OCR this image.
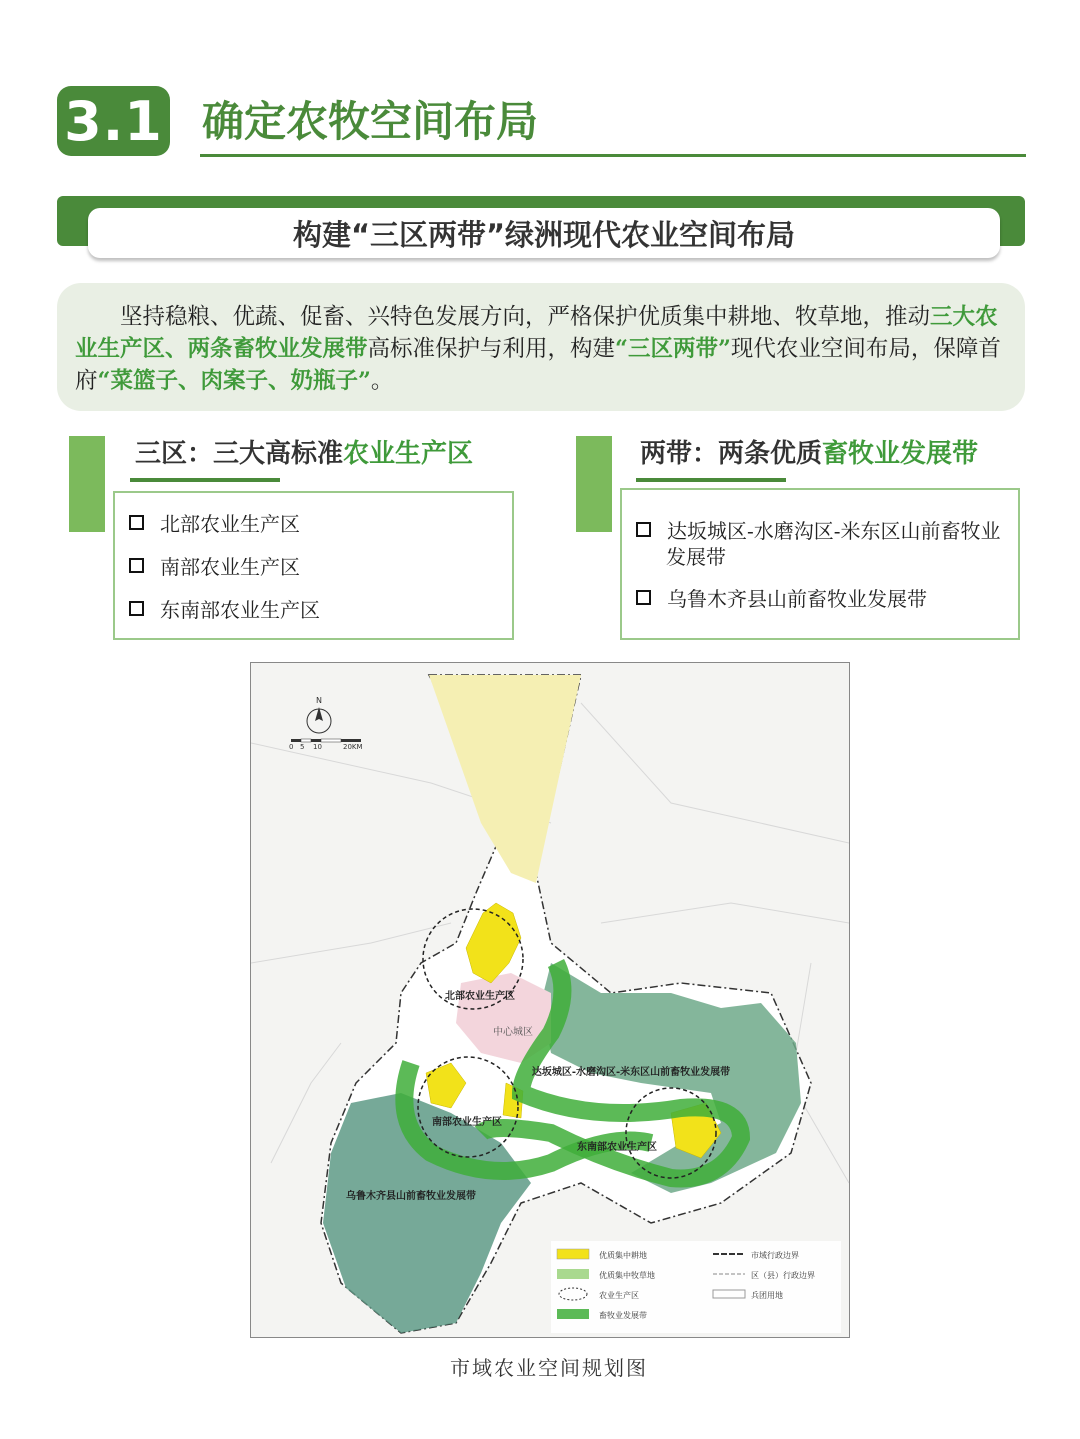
3.1 确定农牧空间布局
构建“三区两带”绿洲现代农业空间布局
坚持稳粮、优蔬、促畜、兴特色发展方向，严格保护优质集中耕地、牧草地，推动三大农业生产区、两条畜牧业发展带高标准保护与利用，构建“三区两带”现代农业空间布局，保障首府“菜篮子、肉案子、奶瓶子”。
三区：三大高标准农业生产区
北部农业生产区
南部农业生产区
东南部农业生产区
两带：两条优质畜牧业发展带
达坂城区-水磨沟区-米东区山前畜牧业发展带
乌鲁木齐县山前畜牧业发展带
北部农业生产区
中心城区
南部农业生产区
东南部农业生产区
达坂城区-水磨沟区-米东区山前畜牧业发展带
乌鲁木齐县山前畜牧业发展带
N
0 5 10	20KM
优质集中耕地	市域行政边界
优质集中牧草地	区（县）行政边界
农业生产区	兵团用地
畜牧业发展带
市域农业空间规划图
